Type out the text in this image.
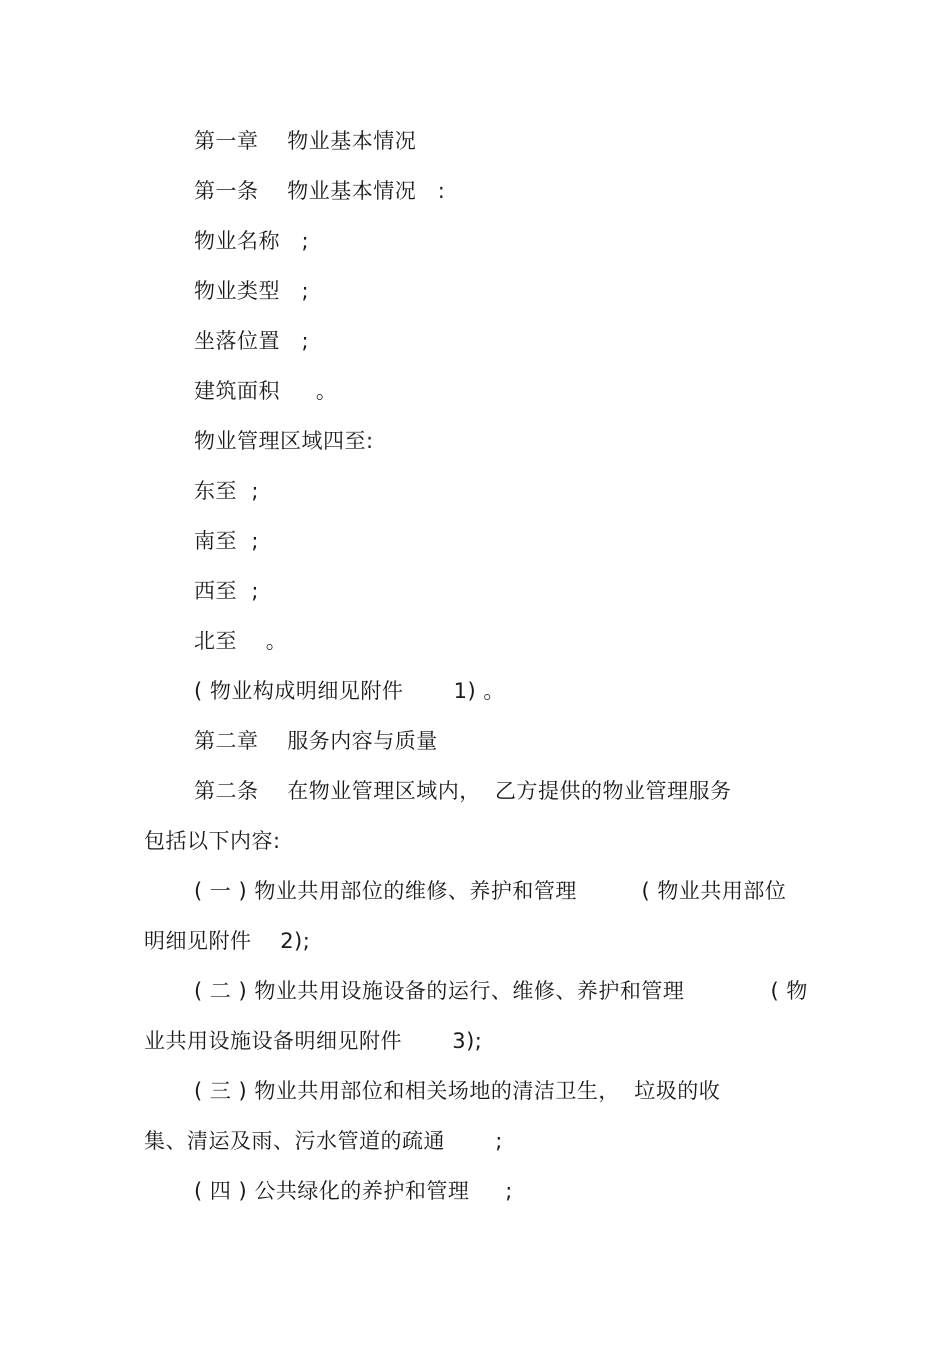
第一章    物业基本情况
第一条    物业基本情况   :
物业名称   ;
物业类型   ;
坐落位置   ;
建筑面积     。
物业管理区域四至:
东至  ;
南至  ;
西至  ;
北至    。
( 物业构成明细见附件       1) 。
第二章    服务内容与质量
第二条    在物业管理区域内，  乙方提供的物业管理服务
包括以下内容:
( 一 ) 物业共用部位的维修、养护和管理         ( 物业共用部位
明细见附件    2);
( 二 ) 物业共用设施设备的运行、维修、养护和管理            ( 物
业共用设施设备明细见附件       3);
( 三 ) 物业共用部位和相关场地的清洁卫生，  垃圾的收
集、清运及雨、污水管道的疏通       ;
( 四 ) 公共绿化的养护和管理     ;
